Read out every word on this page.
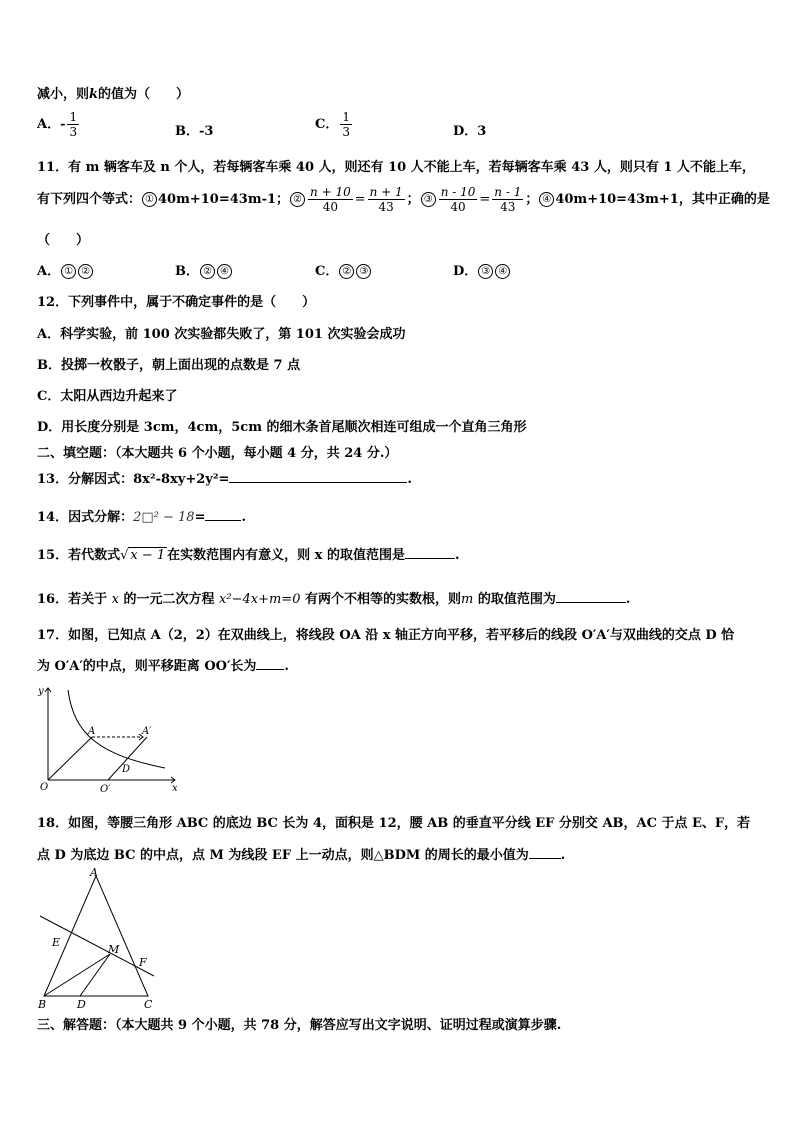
减小，则k的值为（　　）
A．- $\frac{1}{3}$	B．-3	C． $\frac{1}{3}$	D．3
11．有 m 辆客车及 n 个人，若每辆客车乘 40 人，则还有 10 人不能上车，若每辆客车乘 43 人，则只有 1 人不能上车，
有下列四个等式： ① 40m+10=43m-1； ② $\frac{n + 10}{40} = \frac{n + 1}{43}$ ； ③ $\frac{n - 10}{40} = \frac{n - 1}{43}$ ； ④ 40m+10=43m+1，其中正确的是
（　　）
A． ① ②	B． ② ④	C． ② ③	D． ③ ④
12．下列事件中，属于不确定事件的是（　　）
A．科学实验，前 100 次实验都失败了，第 101 次实验会成功
B．投掷一枚骰子，朝上面出现的点数是 7 点
C．太阳从西边升起来了
D．用长度分别是 3cm，4cm，5cm 的细木条首尾顺次相连可组成一个直角三角形
二、填空题：（本大题共 6 个小题，每小题 4 分，共 24 分.）
13．分解因式：8x²-8xy+2y²=	.
14．因式分解：2□² − 18=	.
15．若代数式√ x − 1 在实数范围内有意义，则 x 的取值范围是	.
16．若关于 x 的一元二次方程 x²−4x+m=0 有两个不相等的实数根，则m 的取值范围为	.
17．如图，已知点 A（2，2）在双曲线上，将线段 OA 沿 x 轴正方向平移，若平移后的线段 O′A′与双曲线的交点 D 恰
为 O′A′的中点，则平移距离 OO′长为 .
y
x
O
A	A′
D
O′
18．如图，等腰三角形 ABC 的底边 BC 长为 4，面积是 12，腰 AB 的垂直平分线 EF 分别交 AB，AC 于点 E、F，若
点 D 为底边 BC 的中点，点 M 为线段 EF 上一动点，则△BDM 的周长的最小值为 .
A
B	C
D
E
F
M
三、解答题：（本大题共 9 个小题，共 78 分，解答应写出文字说明、证明过程或演算步骤.
